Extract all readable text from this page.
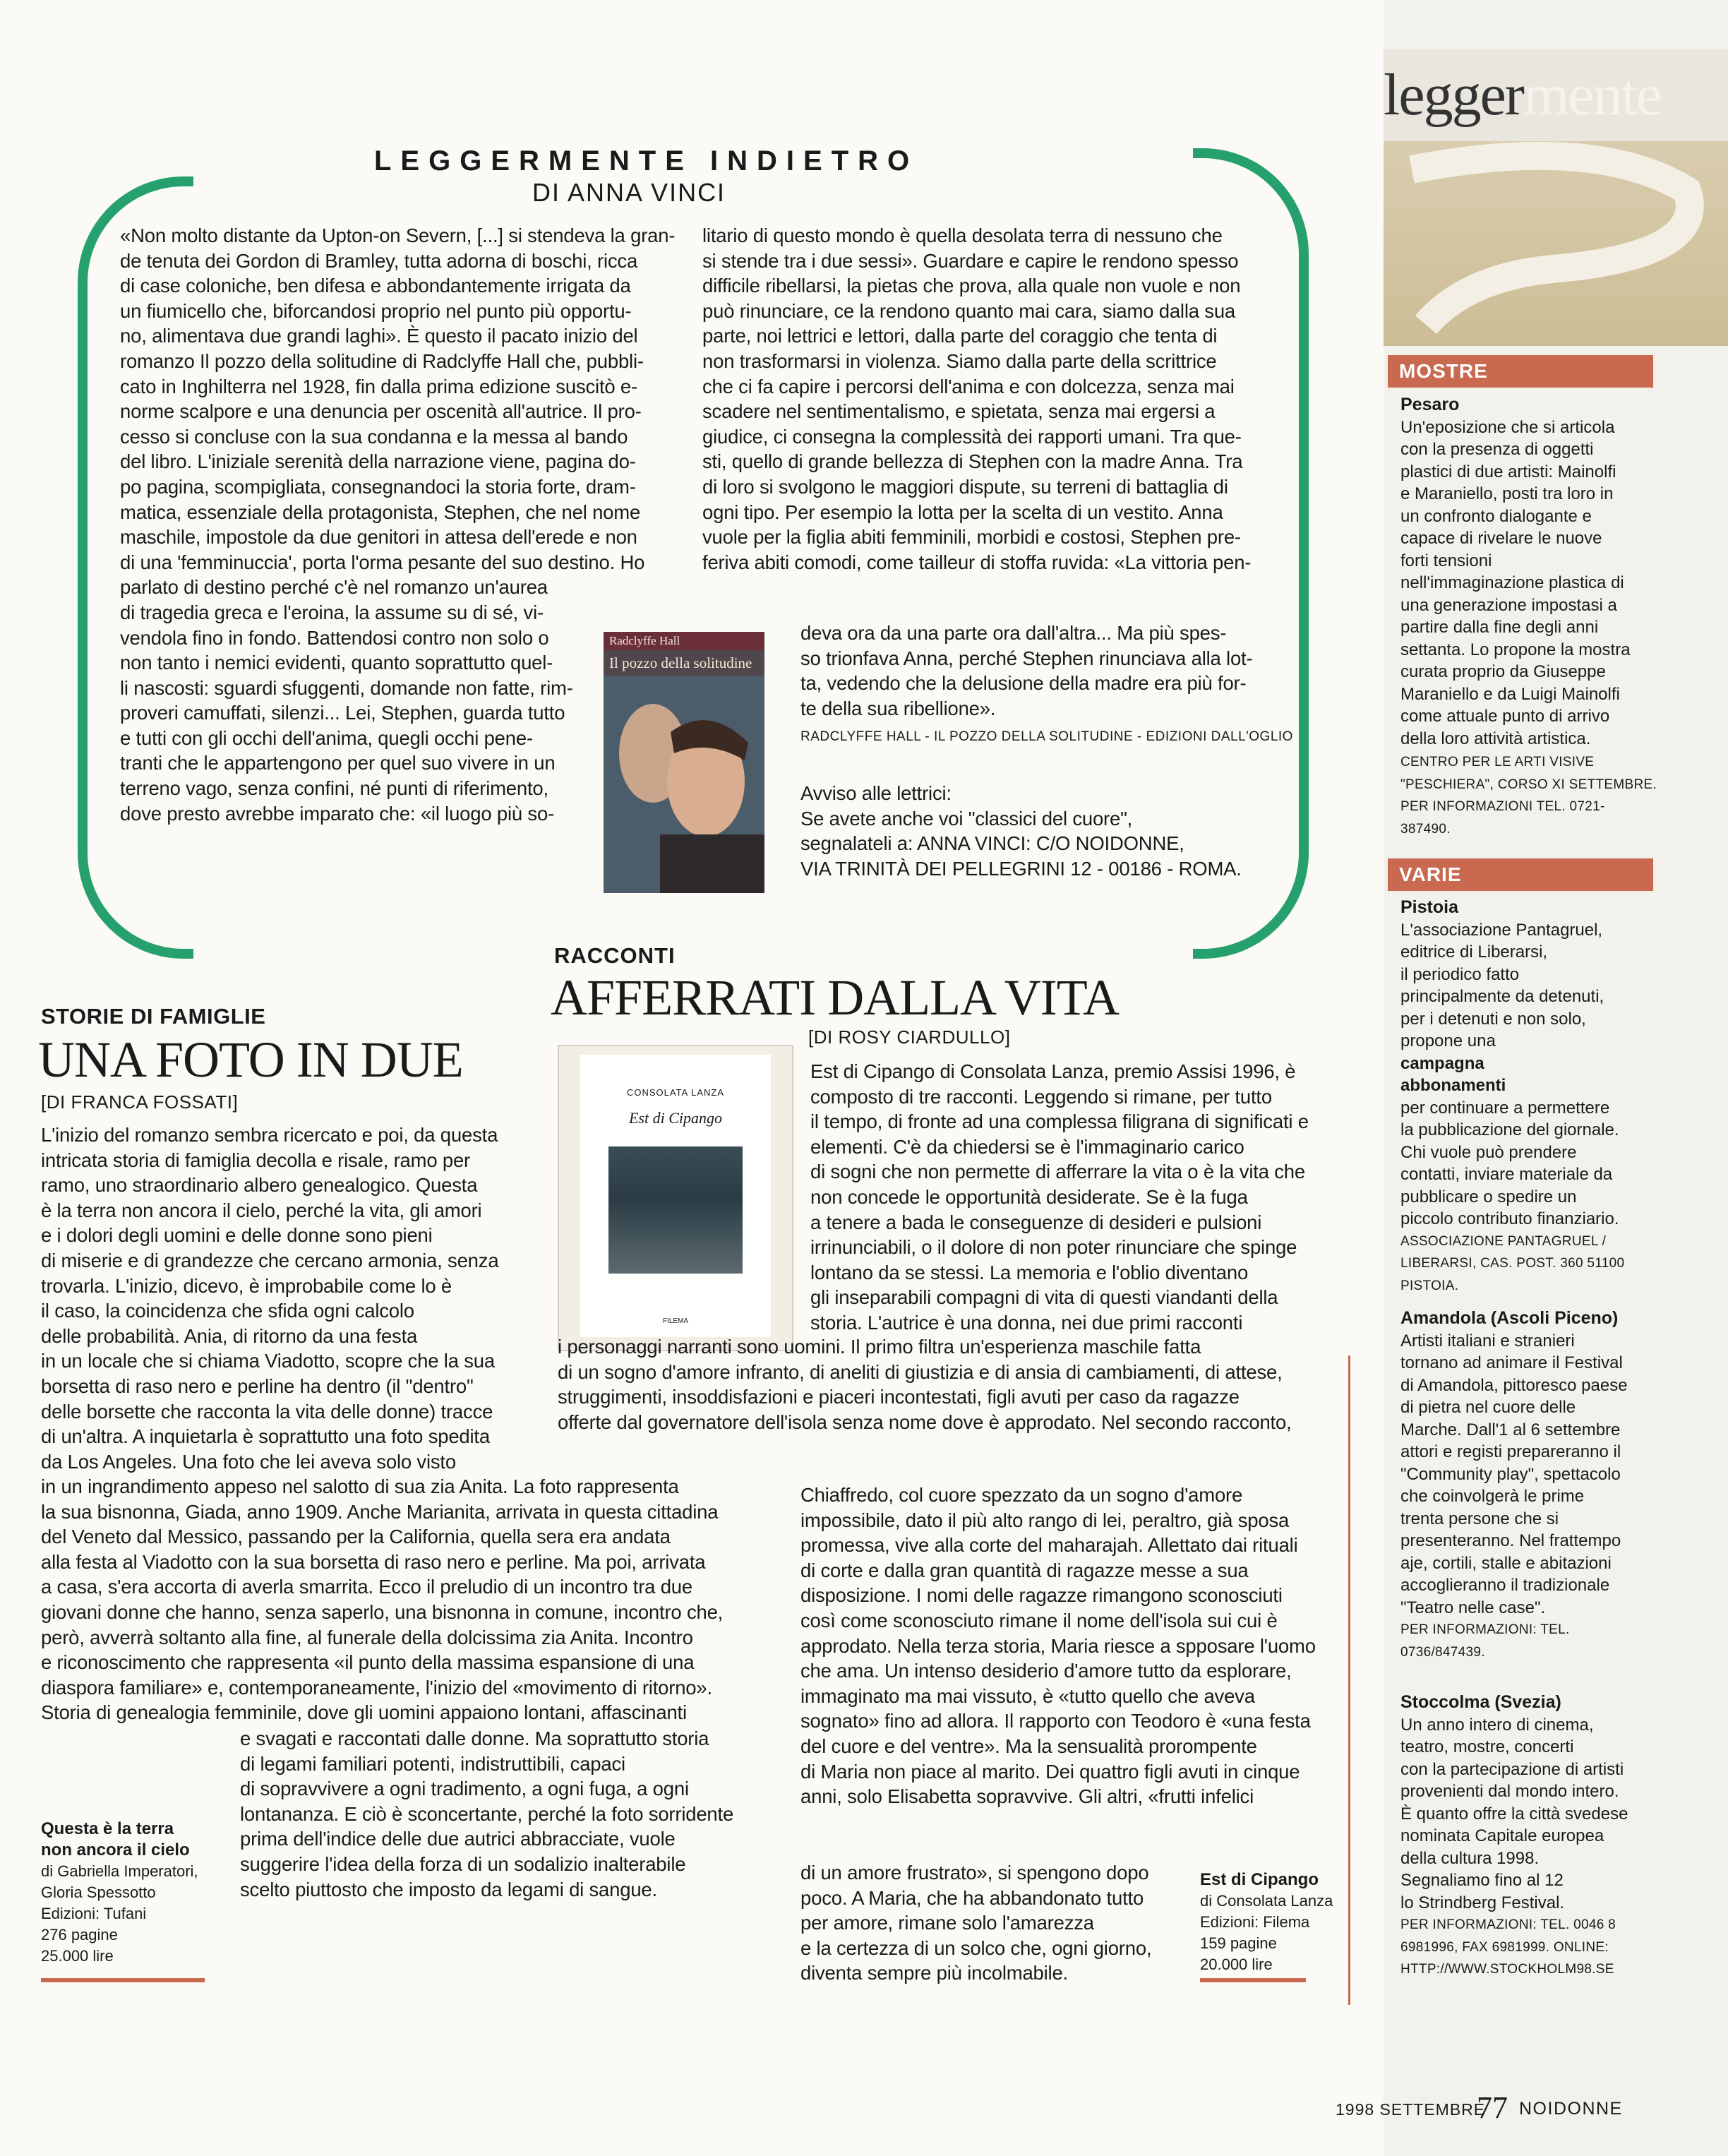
leggermente
MOSTRE
Pesaro
Un'eposizione che si articola
con la presenza di oggetti
plastici di due artisti: Mainolfi
e Maraniello, posti tra loro in
un confronto dialogante e
capace di rivelare le nuove
forti tensioni
nell'immaginazione plastica di
una generazione impostasi a
partire dalla fine degli anni
settanta. Lo propone la mostra
curata proprio da Giuseppe
Maraniello e da Luigi Mainolfi
come attuale punto di arrivo
della loro attività artistica.
CENTRO PER LE ARTI VISIVE
"PESCHIERA", CORSO XI SETTEMBRE.
PER INFORMAZIONI TEL. 0721-
387490.
VARIE
Pistoia
L'associazione Pantagruel,
editrice di Liberarsi,
il periodico fatto
principalmente da detenuti,
per i detenuti e non solo,
propone una
campagna
abbonamenti
per continuare a permettere
la pubblicazione del giornale.
Chi vuole può prendere
contatti, inviare materiale da
pubblicare o spedire un
piccolo contributo finanziario.
ASSOCIAZIONE PANTAGRUEL /
LIBERARSI, CAS. POST. 360 51100
PISTOIA.
Amandola (Ascoli Piceno)
Artisti italiani e stranieri
tornano ad animare il Festival
di Amandola, pittoresco paese
di pietra nel cuore delle
Marche. Dall'1 al 6 settembre
attori e registi prepareranno il
"Community play", spettacolo
che coinvolgerà le prime
trenta persone che si
presenteranno. Nel frattempo
aje, cortili, stalle e abitazioni
accoglieranno il tradizionale
"Teatro nelle case".
PER INFORMAZIONI: TEL.
0736/847439.
Stoccolma (Svezia)
Un anno intero di cinema,
teatro, mostre, concerti
con la partecipazione di artisti
provenienti dal mondo intero.
È quanto offre la città svedese
nominata Capitale europea
della cultura 1998.
Segnaliamo fino al 12
lo Strindberg Festival.
PER INFORMAZIONI: TEL. 0046 8
6981996, FAX 6981999. ONLINE:
HTTP://WWW.STOCKHOLM98.SE
LEGGERMENTE INDIETRO
DI ANNA VINCI
«Non molto distante da Upton-on Severn, [...] si stendeva la gran-
de tenuta dei Gordon di Bramley, tutta adorna di boschi, ricca
di case coloniche, ben difesa e abbondantemente irrigata da
un fiumicello che, biforcandosi proprio nel punto più opportu-
no, alimentava due grandi laghi». È questo il pacato inizio del
romanzo Il pozzo della solitudine di Radclyffe Hall che, pubbli-
cato in Inghilterra nel 1928, fin dalla prima edizione suscitò e-
norme scalpore e una denuncia per oscenità all'autrice. Il pro-
cesso si concluse con la sua condanna e la messa al bando
del libro. L'iniziale serenità della narrazione viene, pagina do-
po pagina, scompigliata, consegnandoci la storia forte, dram-
matica, essenziale della protagonista, Stephen, che nel nome
maschile, impostole da due genitori in attesa dell'erede e non
di una 'femminuccia', porta l'orma pesante del suo destino. Ho
parlato di destino perché c'è nel romanzo un'aurea
di tragedia greca e l'eroina, la assume su di sé, vi-
vendola fino in fondo. Battendosi contro non solo o
non tanto i nemici evidenti, quanto soprattutto quel-
li nascosti: sguardi sfuggenti, domande non fatte, rim-
proveri camuffati, silenzi... Lei, Stephen, guarda tutto
e tutti con gli occhi dell'anima, quegli occhi pene-
tranti che le appartengono per quel suo vivere in un
terreno vago, senza confini, né punti di riferimento,
dove presto avrebbe imparato che: «il luogo più so-
litario di questo mondo è quella desolata terra di nessuno che
si stende tra i due sessi». Guardare e capire le rendono spesso
difficile ribellarsi, la pietas che prova, alla quale non vuole e non
può rinunciare, ce la rendono quanto mai cara, siamo dalla sua
parte, noi lettrici e lettori, dalla parte del coraggio che tenta di
non trasformarsi in violenza. Siamo dalla parte della scrittrice
che ci fa capire i percorsi dell'anima e con dolcezza, senza mai
scadere nel sentimentalismo, e spietata, senza mai ergersi a
giudice, ci consegna la complessità dei rapporti umani. Tra que-
sti, quello di grande bellezza di Stephen con la madre Anna. Tra
di loro si svolgono le maggiori dispute, su terreni di battaglia di
ogni tipo. Per esempio la lotta per la scelta di un vestito. Anna
vuole per la figlia abiti femminili, morbidi e costosi, Stephen pre-
feriva abiti comodi, come tailleur di stoffa ruvida: «La vittoria pen-
deva ora da una parte ora dall'altra... Ma più spes-
so trionfava Anna, perché Stephen rinunciava alla lot-
ta, vedendo che la delusione della madre era più for-
te della sua ribellione».
RADCLYFFE HALL - IL POZZO DELLA SOLITUDINE - EDIZIONI DALL'OGLIO
Avviso alle lettrici:
Se avete anche voi "classici del cuore",
segnalateli a: ANNA VINCI: C/O NOIDONNE,
VIA TRINITÀ DEI PELLEGRINI 12 - 00186 - ROMA.
Radclyffe Hall
Il pozzo della solitudine
STORIE DI FAMIGLIE
UNA FOTO IN DUE
[DI FRANCA FOSSATI]
L'inizio del romanzo sembra ricercato e poi, da questa
intricata storia di famiglia decolla e risale, ramo per
ramo, uno straordinario albero genealogico. Questa
è la terra non ancora il cielo, perché la vita, gli amori
e i dolori degli uomini e delle donne sono pieni
di miserie e di grandezze che cercano armonia, senza
trovarla. L'inizio, dicevo, è improbabile come lo è
il caso, la coincidenza che sfida ogni calcolo
delle probabilità. Ania, di ritorno da una festa
in un locale che si chiama Viadotto, scopre che la sua
borsetta di raso nero e perline ha dentro (il "dentro"
delle borsette che racconta la vita delle donne) tracce
di un'altra. A inquietarla è soprattutto una foto spedita
da Los Angeles. Una foto che lei aveva solo visto
in un ingrandimento appeso nel salotto di sua zia Anita. La foto rappresenta
la sua bisnonna, Giada, anno 1909. Anche Marianita, arrivata in questa cittadina
del Veneto dal Messico, passando per la California, quella sera era andata
alla festa al Viadotto con la sua borsetta di raso nero e perline. Ma poi, arrivata
a casa, s'era accorta di averla smarrita. Ecco il preludio di un incontro tra due
giovani donne che hanno, senza saperlo, una bisnonna in comune, incontro che,
però, avverrà soltanto alla fine, al funerale della dolcissima zia Anita. Incontro
e riconoscimento che rappresenta «il punto della massima espansione di una
diaspora familiare» e, contemporaneamente, l'inizio del «movimento di ritorno».
Storia di genealogia femminile, dove gli uomini appaiono lontani, affascinanti
e svagati e raccontati dalle donne. Ma soprattutto storia
di legami familiari potenti, indistruttibili, capaci
di sopravvivere a ogni tradimento, a ogni fuga, a ogni
lontananza. E ciò è sconcertante, perché la foto sorridente
prima dell'indice delle due autrici abbracciate, vuole
suggerire l'idea della forza di un sodalizio inalterabile
scelto piuttosto che imposto da legami di sangue.
Questa è la terra
non ancora il cielo
di Gabriella Imperatori,
Gloria Spessotto
Edizioni: Tufani
276 pagine
25.000 lire
RACCONTI
AFFERRATI DALLA VITA
[DI ROSY CIARDULLO]
CONSOLATA LANZA
Est di Cipango
FILEMA
Est di Cipango di Consolata Lanza, premio Assisi 1996, è
composto di tre racconti. Leggendo si rimane, per tutto
il tempo, di fronte ad una complessa filigrana di significati e
elementi. C'è da chiedersi se è l'immaginario carico
di sogni che non permette di afferrare la vita o è la vita che
non concede le opportunità desiderate. Se è la fuga
a tenere a bada le conseguenze di desideri e pulsioni
irrinunciabili, o il dolore di non poter rinunciare che spinge
lontano da se stessi. La memoria e l'oblio diventano
gli inseparabili compagni di vita di questi viandanti della
storia. L'autrice è una donna, nei due primi racconti
i personaggi narranti sono uomini. Il primo filtra un'esperienza maschile fatta
di un sogno d'amore infranto, di aneliti di giustizia e di ansia di cambiamenti, di attese,
struggimenti, insoddisfazioni e piaceri incontestati, figli avuti per caso da ragazze
offerte dal governatore dell'isola senza nome dove è approdato. Nel secondo racconto,
Chiaffredo, col cuore spezzato da un sogno d'amore
impossibile, dato il più alto rango di lei, peraltro, già sposa
promessa, vive alla corte del maharajah. Allettato dai rituali
di corte e dalla gran quantità di ragazze messe a sua
disposizione. I nomi delle ragazze rimangono sconosciuti
così come sconosciuto rimane il nome dell'isola sui cui è
approdato. Nella terza storia, Maria riesce a spposare l'uomo
che ama. Un intenso desiderio d'amore tutto da esplorare,
immaginato ma mai vissuto, è «tutto quello che aveva
sognato» fino ad allora. Il rapporto con Teodoro è «una festa
del cuore e del ventre». Ma la sensualità prorompente
di Maria non piace al marito. Dei quattro figli avuti in cinque
anni, solo Elisabetta sopravvive. Gli altri, «frutti infelici
di un amore frustrato», si spengono dopo
poco. A Maria, che ha abbandonato tutto
per amore, rimane solo l'amarezza
e la certezza di un solco che, ogni giorno,
diventa sempre più incolmabile.
Est di Cipango
di Consolata Lanza
Edizioni: Filema
159 pagine
20.000 lire
1998 SETTEMBRE
77 NOIDONNE
